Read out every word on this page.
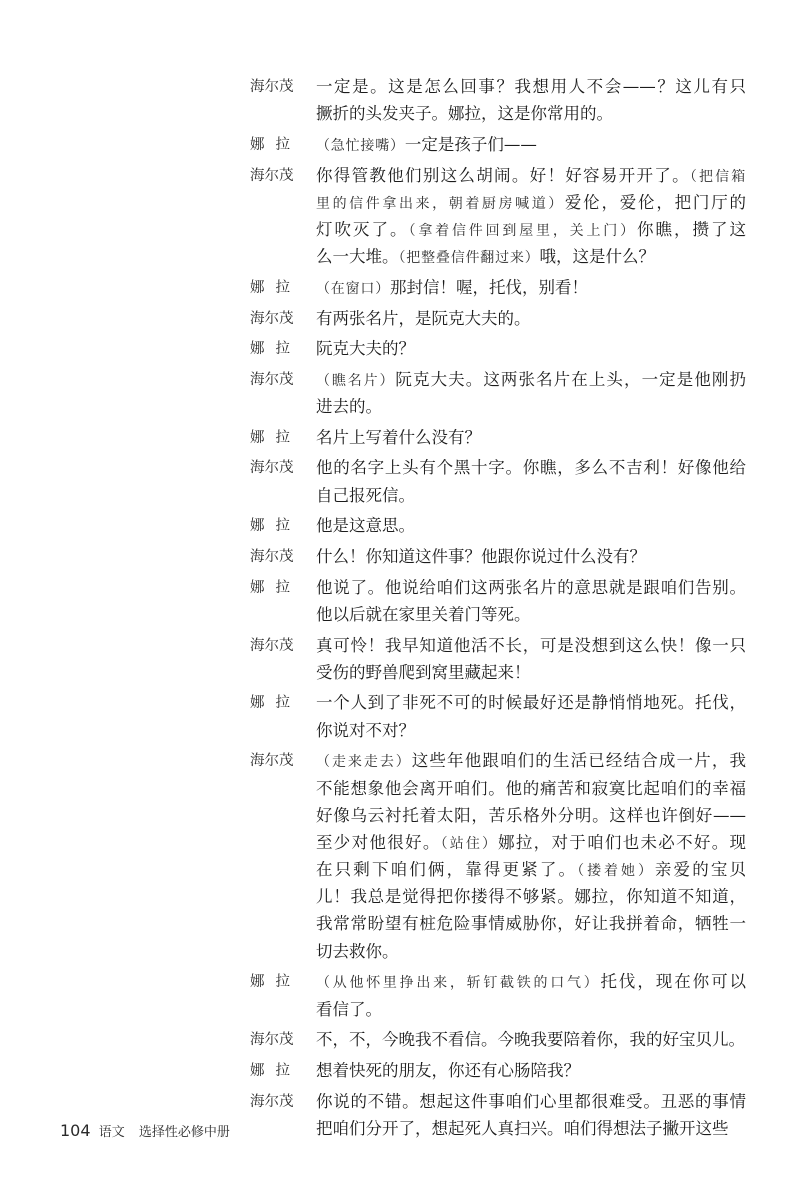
海尔茂 一定是。这是怎么回事？我想用人不会——？这儿有只
撅折的头发夹子。娜拉，这是你常用的。
娜拉 （急忙接嘴）一定是孩子们——
海尔茂 你得管教他们别这么胡闹。好！好容易开开了。（把信箱
里的信件拿出来，朝着厨房喊道）爱伦，爱伦，把门厅的
灯吹灭了。（拿着信件回到屋里，关上门）你瞧，攒了这
么一大堆。（把整叠信件翻过来）哦，这是什么？
娜拉 （在窗口）那封信！喔，托伐，别看！
海尔茂 有两张名片，是阮克大夫的。
娜拉 阮克大夫的？
海尔茂 （瞧名片）阮克大夫。这两张名片在上头，一定是他刚扔
进去的。
娜拉 名片上写着什么没有？
海尔茂 他的名字上头有个黑十字。你瞧，多么不吉利！好像他给
自己报死信。
娜拉 他是这意思。
海尔茂 什么！你知道这件事？他跟你说过什么没有？
娜拉 他说了。他说给咱们这两张名片的意思就是跟咱们告别。
他以后就在家里关着门等死。
海尔茂 真可怜！我早知道他活不长，可是没想到这么快！像一只
受伤的野兽爬到窝里藏起来！
娜拉 一个人到了非死不可的时候最好还是静悄悄地死。托伐，
你说对不对？
海尔茂 （走来走去）这些年他跟咱们的生活已经结合成一片，我
不能想象他会离开咱们。他的痛苦和寂寞比起咱们的幸福
好像乌云衬托着太阳，苦乐格外分明。这样也许倒好——
至少对他很好。（站住）娜拉，对于咱们也未必不好。现
在只剩下咱们俩，靠得更紧了。（搂着她）亲爱的宝贝
儿！我总是觉得把你搂得不够紧。娜拉，你知道不知道，
我常常盼望有桩危险事情威胁你，好让我拼着命，牺牲一
切去救你。
娜拉 （从他怀里挣出来，斩钉截铁的口气）托伐，现在你可以
看信了。
海尔茂 不，不，今晚我不看信。今晚我要陪着你，我的好宝贝儿。
娜拉 想着快死的朋友，你还有心肠陪我？
海尔茂 你说的不错。想起这件事咱们心里都很难受。丑恶的事情
把咱们分开了，想起死人真扫兴。咱们得想法子撇开这些
104 语文 选择性必修中册
